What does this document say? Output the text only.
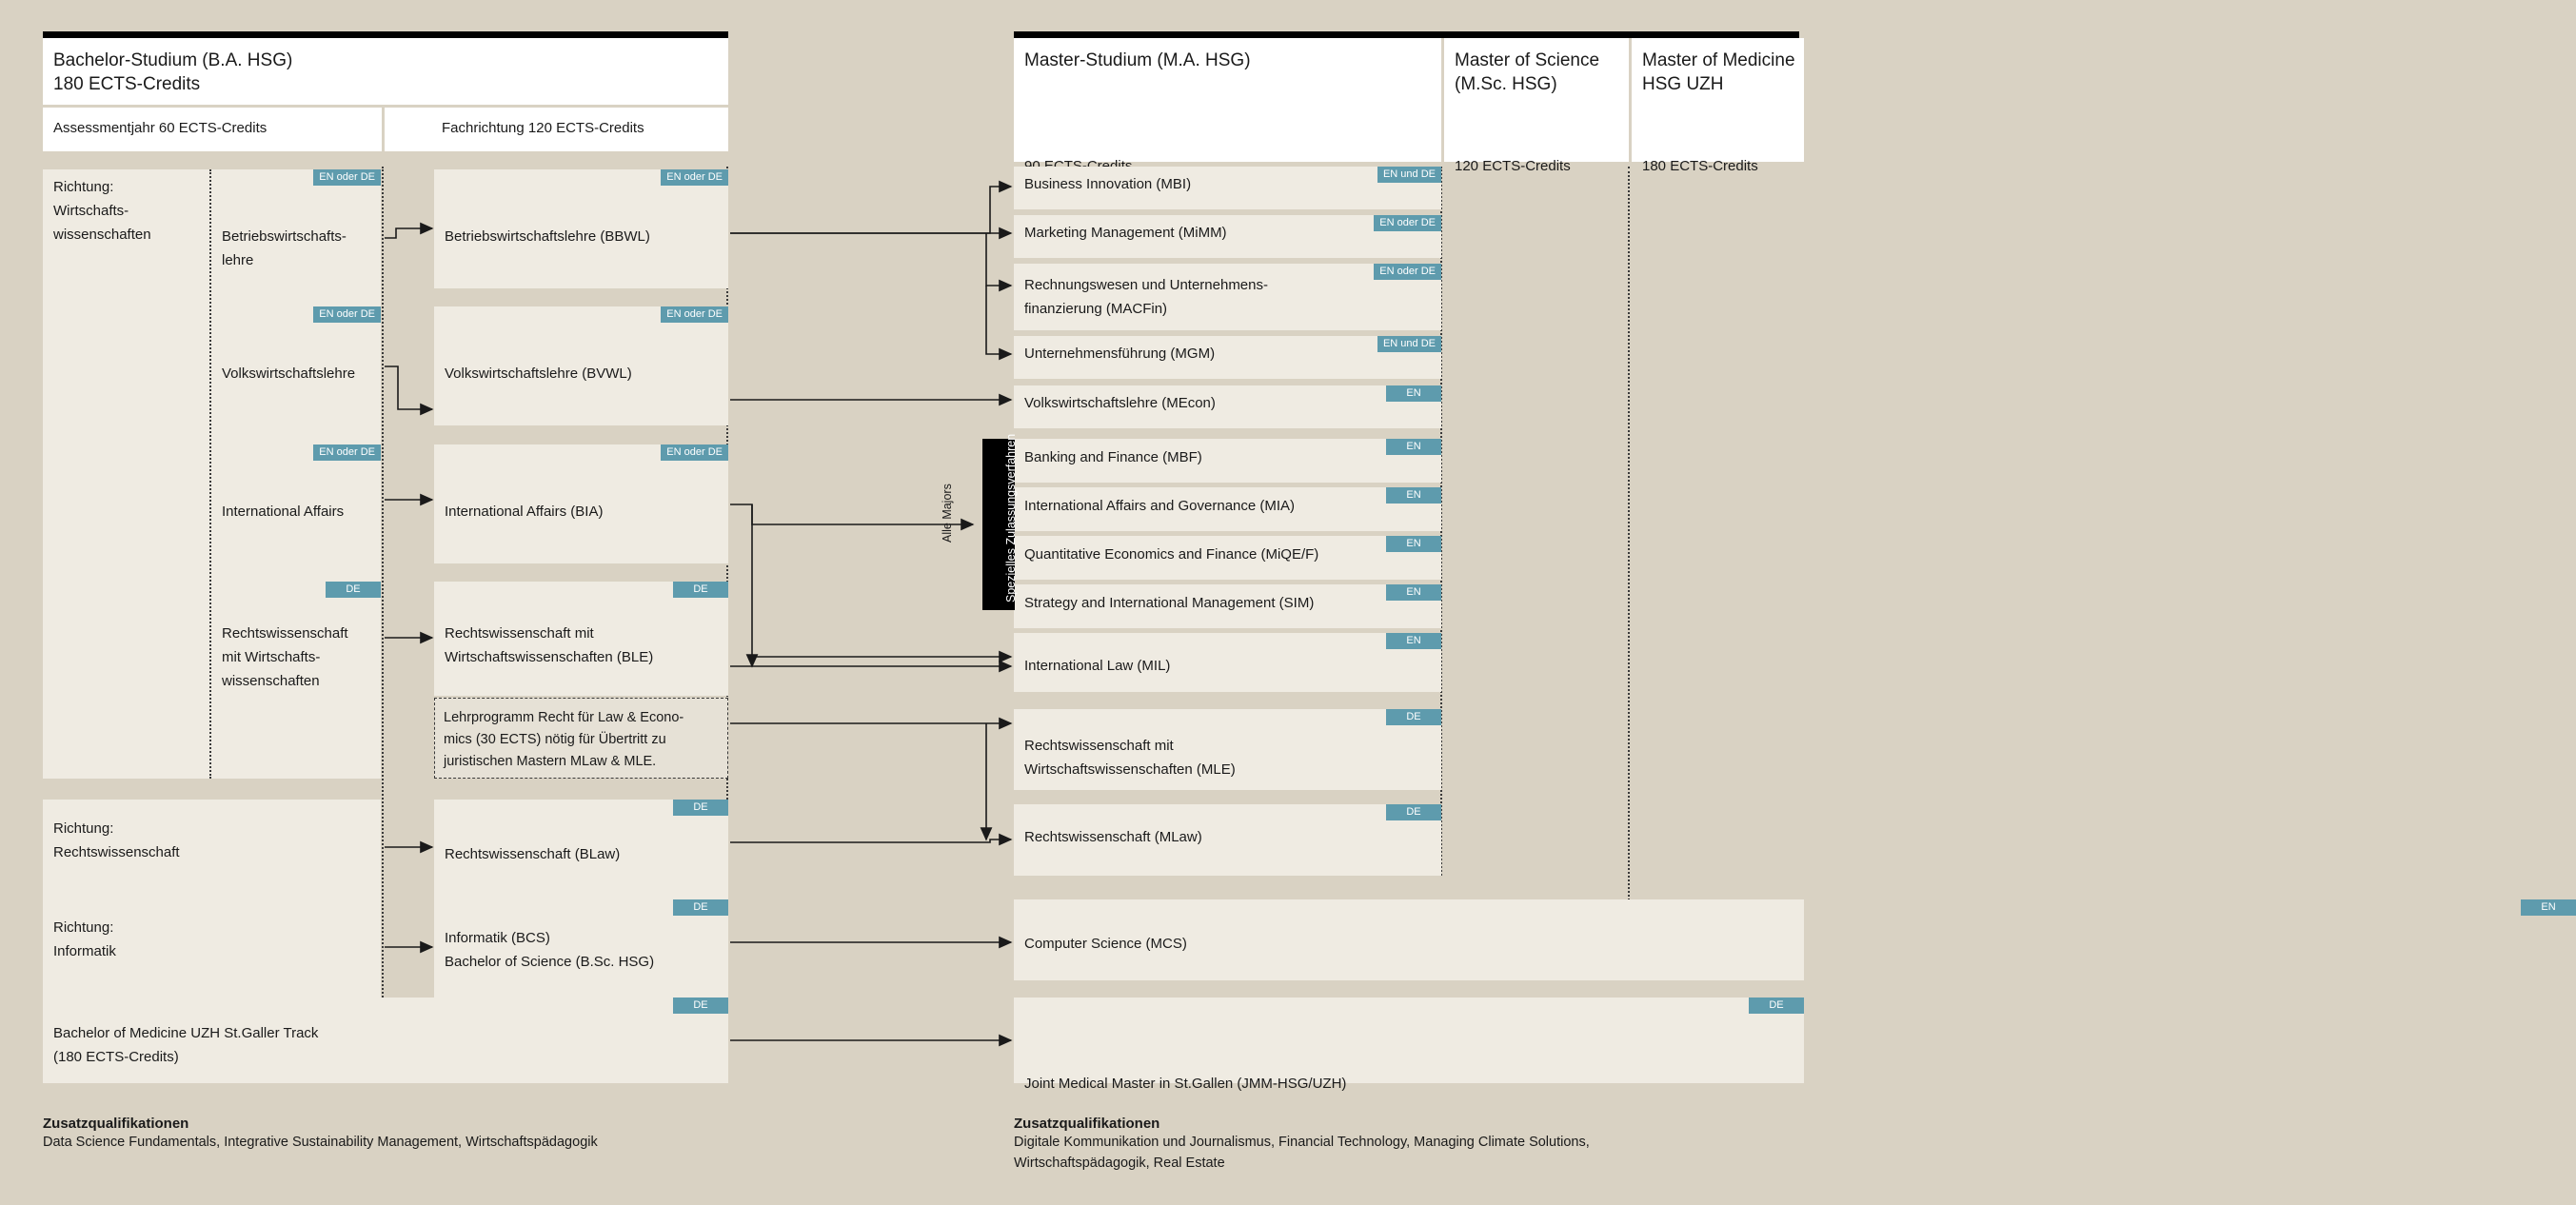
Bachelor-Studium (B.A. HSG)
180 ECTS-Credits
Assessmentjahr 60 ECTS-Credits	Fachrichtung 120 ECTS-Credits
Master-Studium (M.A. HSG)	Master of Science
(M.Sc. HSG)
120 ECTS-Credits
Master of Medicine
HSG UZH
180 ECTS-Credits
Richtung:
Wirtschafts-
wissenschaften
Richtung:
Rechtswissenschaft
Richtung:
Informatik
EN oder DE
Betriebswirtschafts-
lehre
EN oder DE
Volkswirtschaftslehre
EN oder DE
International Affairs
DE
Rechtswissenschaft
mit Wirtschafts-
wissenschaften
EN oder DE
Betriebswirtschaftslehre (BBWL)
EN oder DE
Volkswirtschaftslehre (BVWL)
EN oder DE
International Affairs (BIA)
DE
Rechtswissenschaft mit
Wirtschaftswissenschaften (BLE)
Lehrprogramm Recht für Law & Econo-
mics (30 ECTS) nötig für Übertritt zu
juristischen Mastern MLaw & MLE.
DE
Rechtswissenschaft (BLaw)
DE
Informatik (BCS)
Bachelor of Science (B.Sc. HSG)
DE
Bachelor of Medicine UZH St.Galler Track
(180 ECTS-Credits)
EN und DE
Business Innovation (MBI)
EN oder DE
Marketing Management (MiMM)
EN oder DE
Rechnungswesen und Unternehmens-
finanzierung (MACFin)
EN und DE
Unternehmensführung (MGM)
EN
Volkswirtschaftslehre (MEcon)
EN
Banking and Finance (MBF)
EN
International Affairs and Governance (MIA)
EN
Quantitative Economics and Finance (MiQE/F)
EN
Strategy and International Management (SIM)
EN
International Law (MIL)
DE
Rechtswissenschaft mit
Wirtschaftswissenschaften (MLE)
DE
Rechtswissenschaft (MLaw)
EN
Computer Science (MCS)
DE
Joint Medical Master in St.Gallen (JMM-HSG/UZH)
Spezielles Zulassungsverfahren
Alle Majors
Zusatzqualifikationen
Data Science Fundamentals, Integrative Sustainability Management, Wirtschaftspädagogik
Zusatzqualifikationen
Digitale Kommunikation und Journalismus, Financial Technology, Managing Climate Solutions,
Wirtschaftspädagogik, Real Estate
